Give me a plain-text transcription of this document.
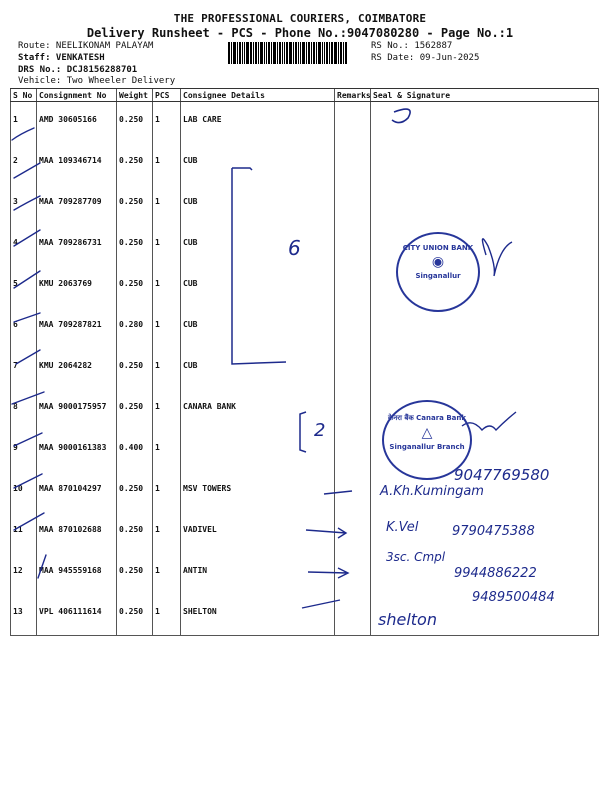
THE PROFESSIONAL COURIERS, COIMBATORE
Delivery Runsheet - PCS - Phone No.:9047080280 - Page No.:1
Route: NEELIKONAM PALAYAM
Staff: VENKATESH
DRS No.: DCJ8156288701
Vehicle: Two Wheeler Delivery
RS No.: 1562887
RS Date: 09-Jun-2025
S No	Consignment No	Weight	PCS	Consignee Details	Remarks	Seal & Signature
1	AMD 30605166	0.250	1	LAB CARE		
2	MAA 109346714	0.250	1	CUB		
3	MAA 709287709	0.250	1	CUB		
4	MAA 709286731	0.250	1	CUB		
5	KMU 2063769	0.250	1	CUB		
6	MAA 709287821	0.280	1	CUB		
7	KMU 2064282	0.250	1	CUB		
8	MAA 9000175957	0.250	1	CANARA BANK		
9	MAA 9000161383	0.400	1			
10	MAA 870104297	0.250	1	MSV TOWERS		
11	MAA 870102688	0.250	1	VADIVEL		
12	MAA 945559168	0.250	1	ANTIN		
13	VPL 406111614	0.250	1	SHELTON		
6
2
CITY UNION BANK
◉
Singanallur
केनरा बैंक Canara Bank
△
Singanallur Branch
9047769580
A.Kh.Kumingam
K.Vel	9790475388
3sc. Cmpl
9944886222
shelton
9489500484
